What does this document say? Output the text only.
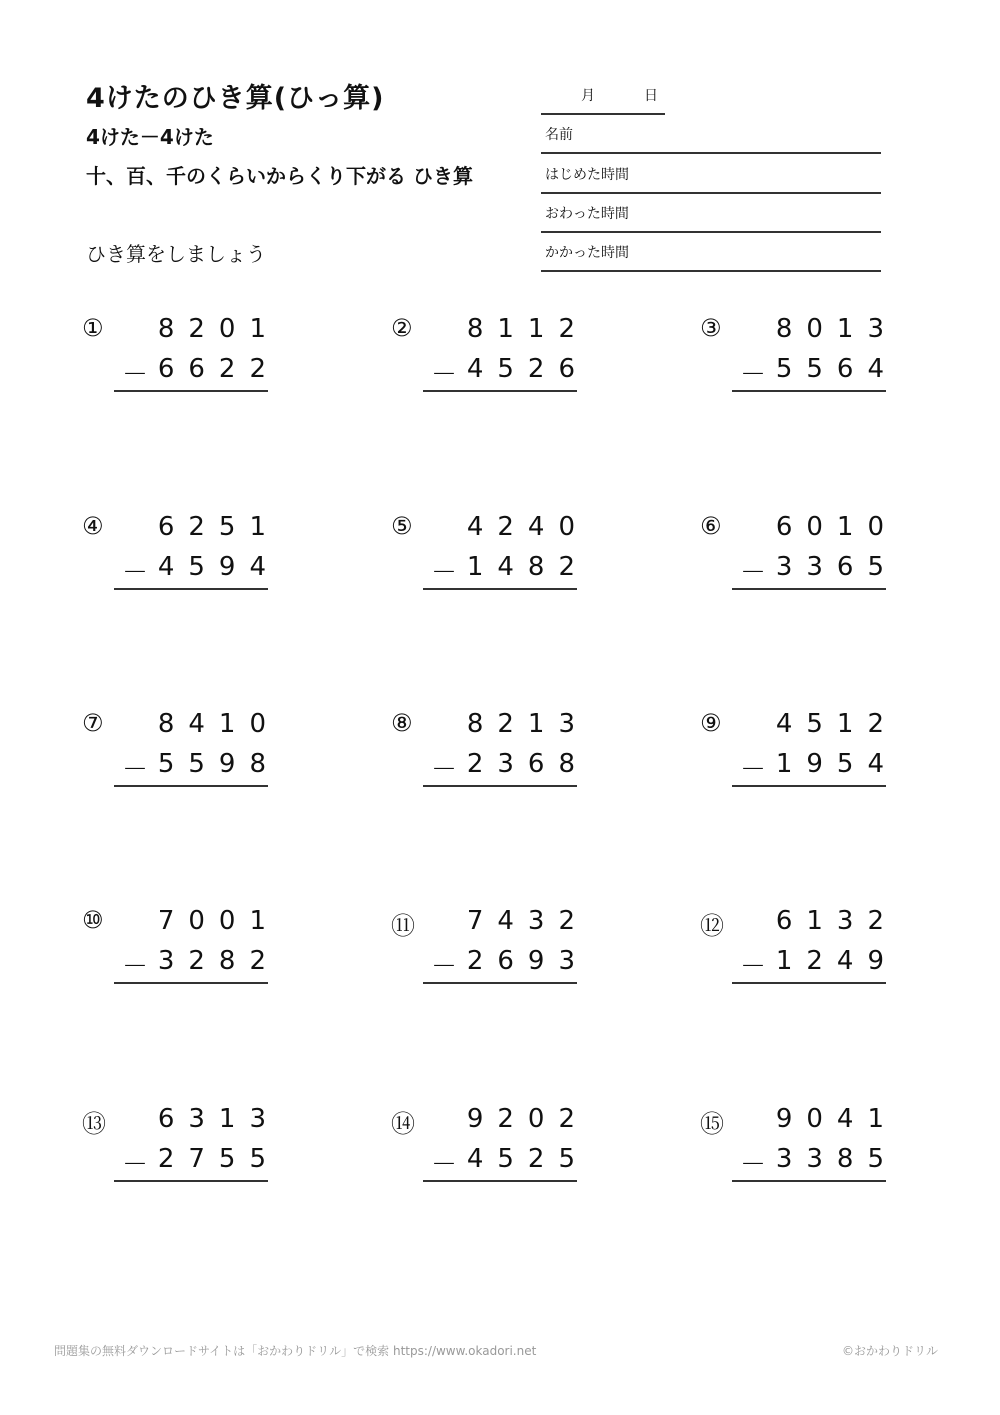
4けたのひき算(ひっ算)
4けた－4けた
十、百、千のくらいからくり下がる ひき算
ひき算をしましょう
月	日
名前
はじめた時間
おわった時間
かかった時間
① 8201
－ 6622
② 8112
－ 4526
③ 8013
－ 5564
④ 6251
－ 4594
⑤ 4240
－ 1482
⑥ 6010
－ 3365
⑦ 8410
－ 5598
⑧ 8213
－ 2368
⑨ 4512
－ 1954
⑩ 7001
－ 3282
⑪ 7432
－ 2693
⑫ 6132
－ 1249
⑬ 6313
－ 2755
⑭ 9202
－ 4525
⑮ 9041
－ 3385
問題集の無料ダウンロードサイトは「おかわりドリル」で検索 https://www.okadori.net	©おかわりドリル
